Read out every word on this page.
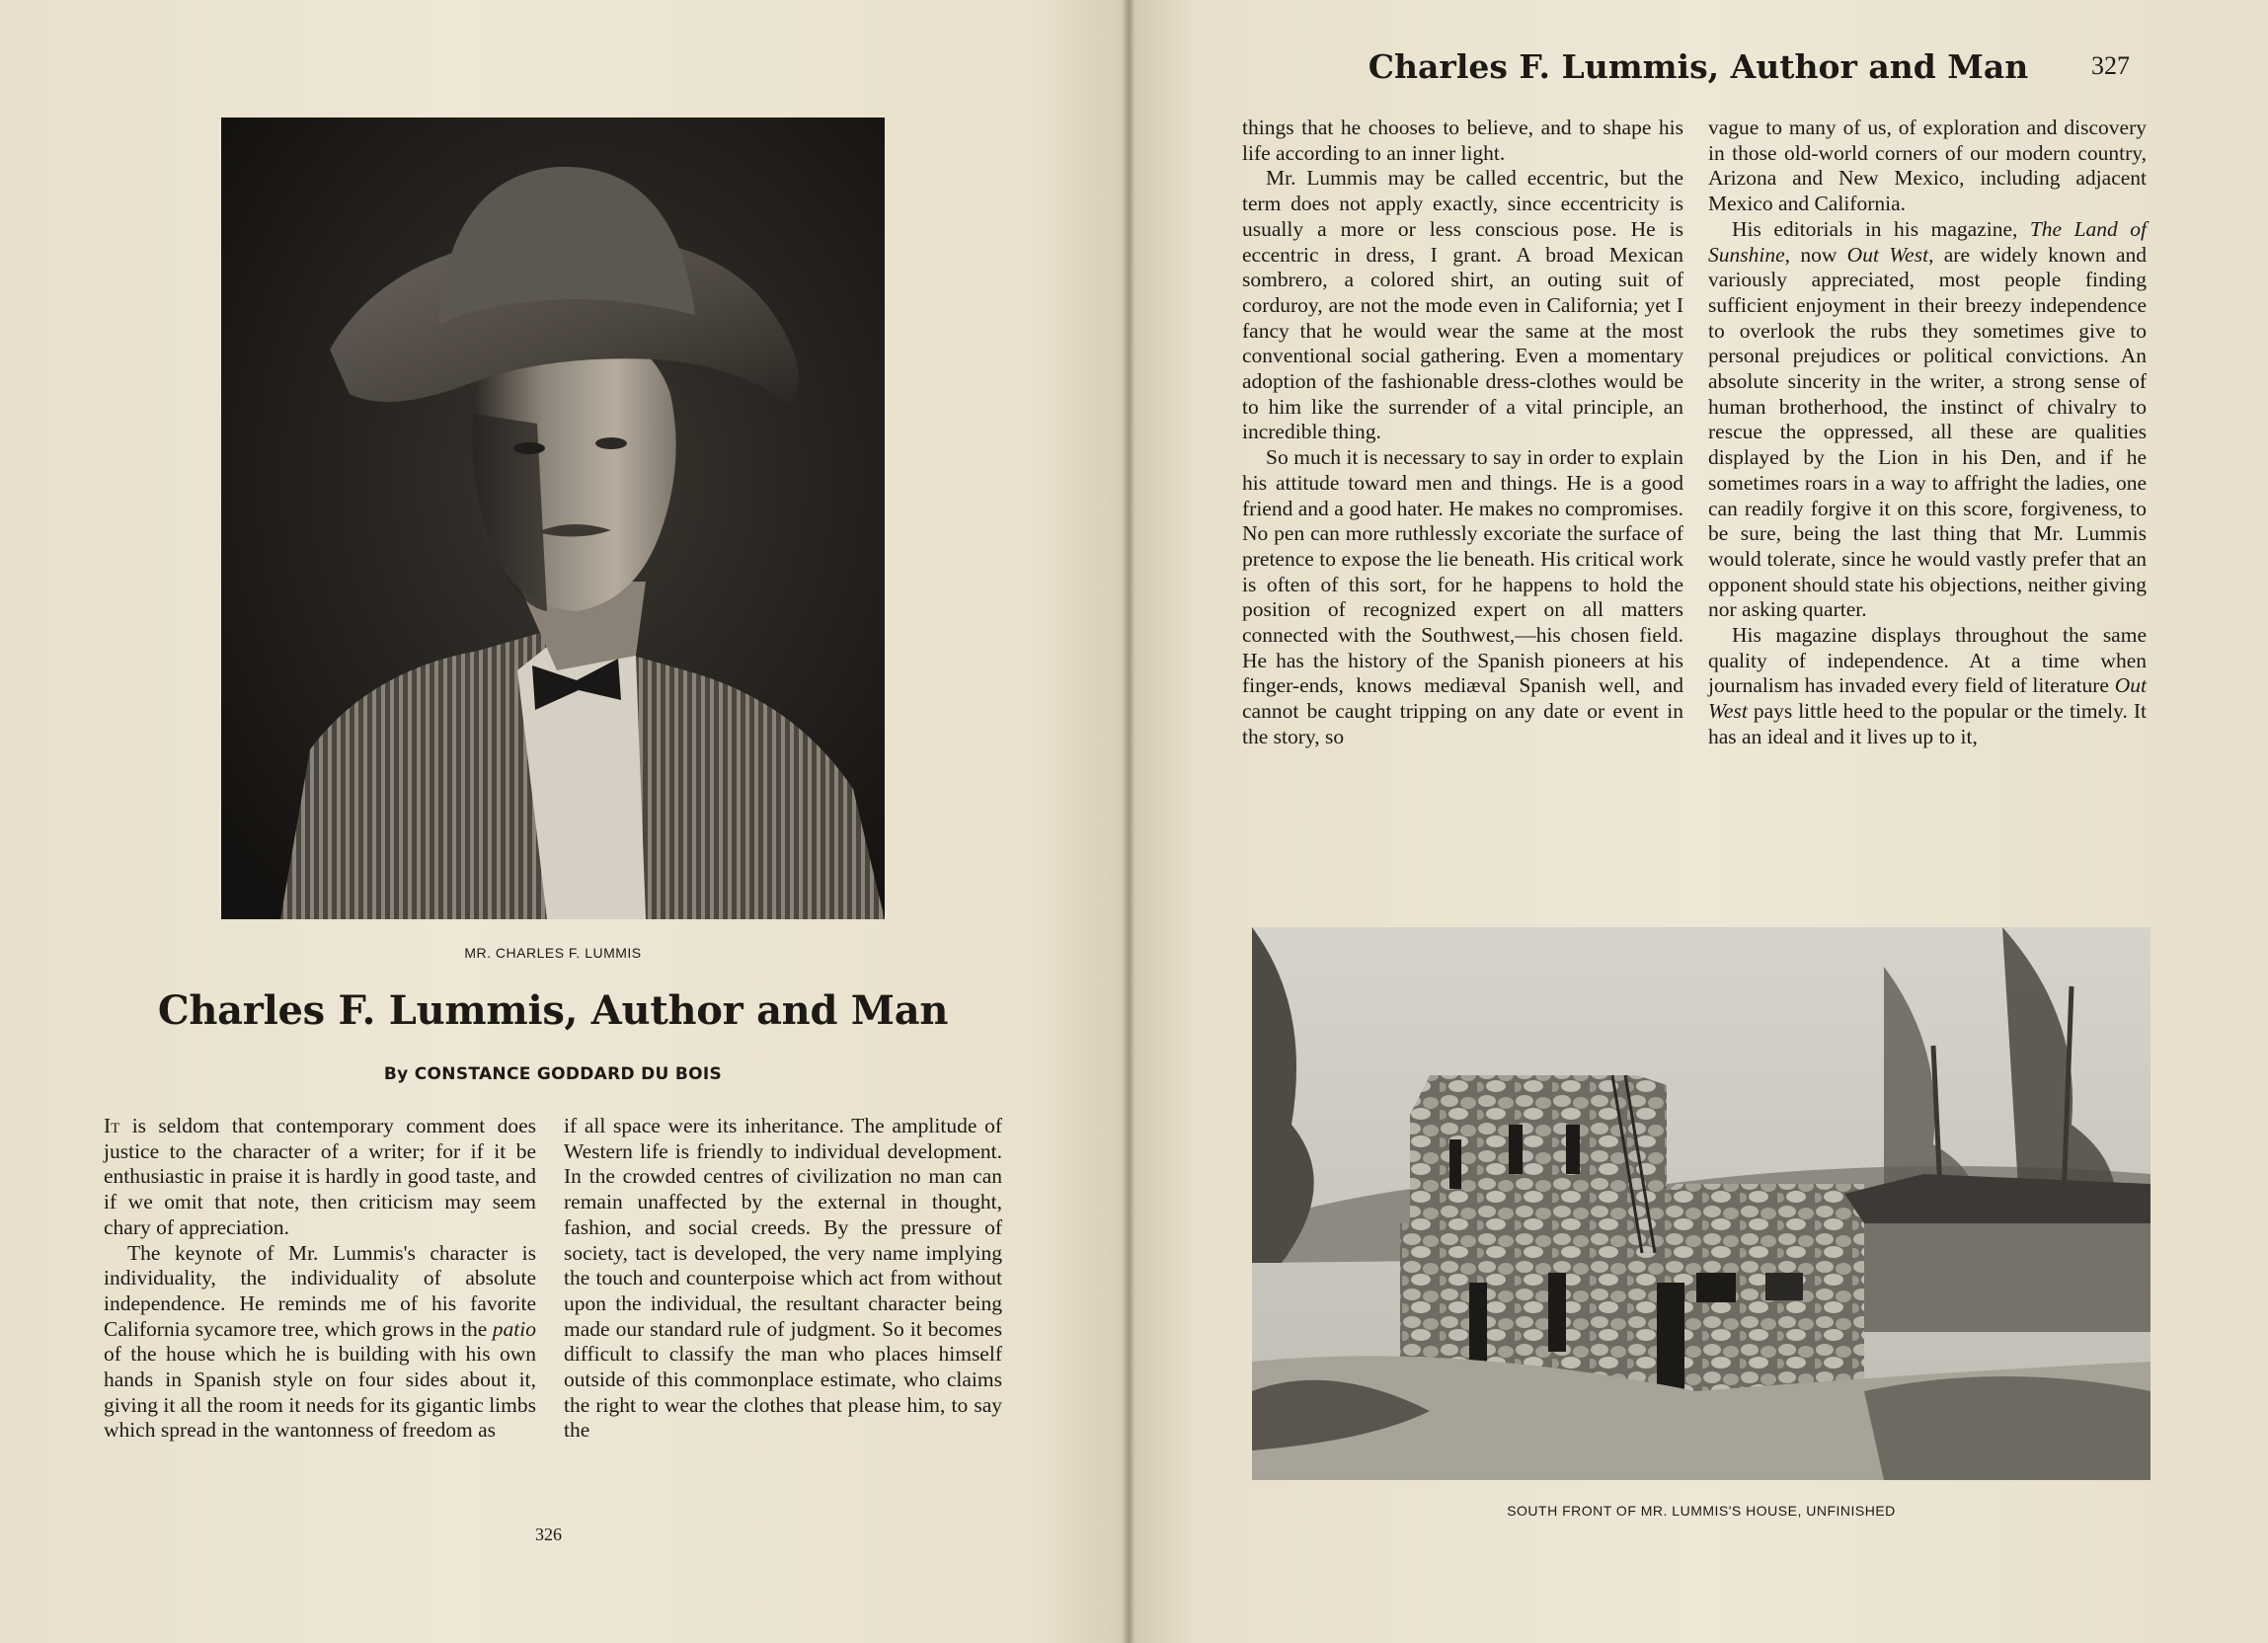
MR. CHARLES F. LUMMIS
Charles F. Lummis, Author and Man
By CONSTANCE GODDARD DU BOIS

It is seldom that contemporary comment does justice to the character of a writer; for if it be enthusiastic in praise it is hardly in good taste, and if we omit that note, then criticism may seem chary of appreciation.

The keynote of Mr. Lummis's character is individuality, the individuality of absolute independence. He reminds me of his favorite California sycamore tree, which grows in the patio of the house which he is building with his own hands in Spanish style on four sides about it, giving it all the room it needs for its gigantic limbs which spread in the wantonness of freedom as

if all space were its inheritance. The amplitude of Western life is friendly to individual development. In the crowded centres of civilization no man can remain unaffected by the external in thought, fashion, and social creeds. By the pressure of society, tact is developed, the very name implying the touch and counterpoise which act from without upon the individual, the resultant character being made our standard rule of judgment. So it becomes difficult to classify the man who places himself outside of this commonplace estimate, who claims the right to wear the clothes that please him, to say the

326
Charles F. Lummis, Author and Man 327

things that he chooses to believe, and to shape his life according to an inner light.

Mr. Lummis may be called eccentric, but the term does not apply exactly, since eccentricity is usually a more or less conscious pose. He is eccentric in dress, I grant. A broad Mexican sombrero, a colored shirt, an outing suit of corduroy, are not the mode even in California; yet I fancy that he would wear the same at the most conventional social gathering. Even a momentary adoption of the fashionable dress-clothes would be to him like the surrender of a vital principle, an incredible thing.

So much it is necessary to say in order to explain his attitude toward men and things. He is a good friend and a good hater. He makes no compromises. No pen can more ruthlessly excoriate the surface of pretence to expose the lie beneath. His critical work is often of this sort, for he happens to hold the position of recognized expert on all matters connected with the Southwest,—his chosen field. He has the history of the Spanish pioneers at his finger-ends, knows mediæval Spanish well, and cannot be caught tripping on any date or event in the story, so

vague to many of us, of exploration and discovery in those old-world corners of our modern country, Arizona and New Mexico, including adjacent Mexico and California.

His editorials in his magazine, The Land of Sunshine, now Out West, are widely known and variously appreciated, most people finding sufficient enjoyment in their breezy independence to overlook the rubs they sometimes give to personal prejudices or political convictions. An absolute sincerity in the writer, a strong sense of human brotherhood, the instinct of chivalry to rescue the oppressed, all these are qualities displayed by the Lion in his Den, and if he sometimes roars in a way to affright the ladies, one can readily forgive it on this score, forgiveness, to be sure, being the last thing that Mr. Lummis would tolerate, since he would vastly prefer that an opponent should state his objections, neither giving nor asking quarter.

His magazine displays throughout the same quality of independence. At a time when journalism has invaded every field of literature Out West pays little heed to the popular or the timely. It has an ideal and it lives up to it,

SOUTH FRONT OF MR. LUMMIS'S HOUSE, UNFINISHED
